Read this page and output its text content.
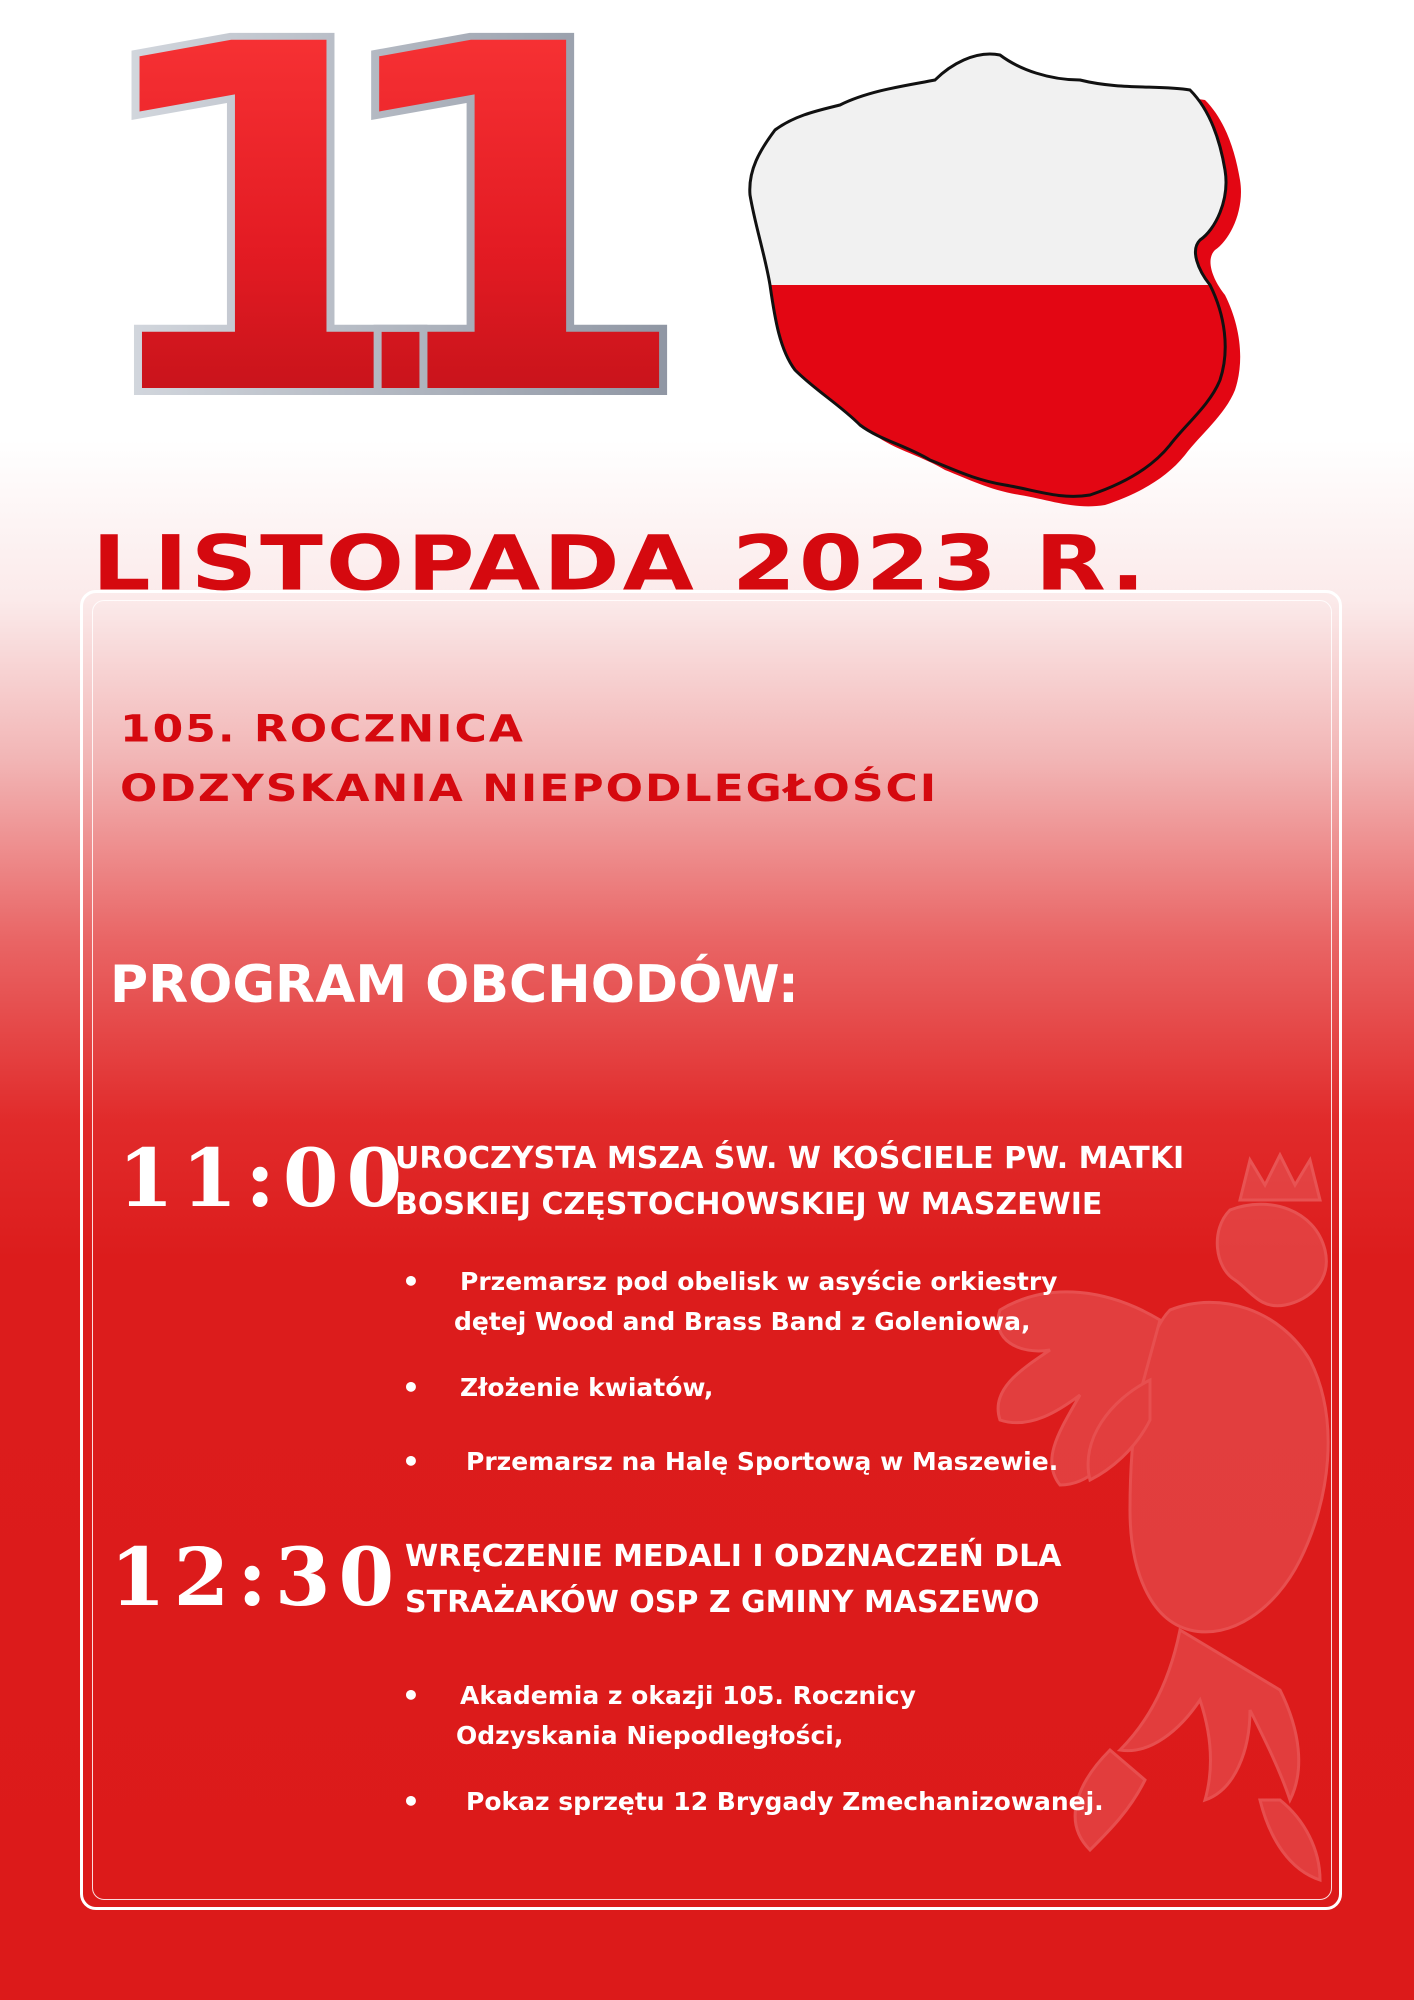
11
LISTOPADA 2023 R.
105. ROCZNICA
ODZYSKANIA NIEPODLEGŁOŚCI
PROGRAM OBCHODÓW:
11:00
UROCZYSTA MSZA ŚW. W KOŚCIELE PW. MATKI
BOSKIEJ CZĘSTOCHOWSKIEJ W MASZEWIE
• Przemarsz pod obelisk w asyście orkiestry
dętej Wood and Brass Band z Goleniowa,
• Złożenie kwiatów,
• Przemarsz na Halę Sportową w Maszewie.
12:30 WRĘCZENIE MEDALI I ODZNACZEŃ DLA
STRAŻAKÓW OSP Z GMINY MASZEWO
• Akademia z okazji 105. Rocznicy
Odzyskania Niepodległości,
• Pokaz sprzętu 12 Brygady Zmechanizowanej.
